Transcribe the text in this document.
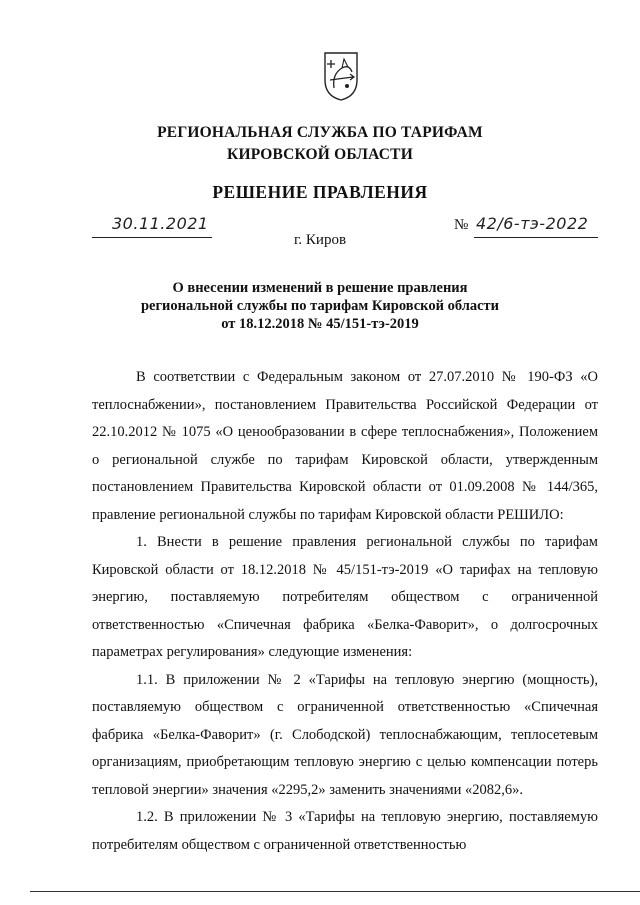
РЕГИОНАЛЬНАЯ СЛУЖБА ПО ТАРИФАМ
КИРОВСКОЙ ОБЛАСТИ
РЕШЕНИЕ ПРАВЛЕНИЯ
30.11.2021	№ 42/6-тэ-2022
г. Киров
О внесении изменений в решение правления
региональной службы по тарифам Кировской области
от 18.12.2018 № 45/151-тэ-2019

В соответствии с Федеральным законом от 27.07.2010 № 190-ФЗ «О теплоснабжении», постановлением Правительства Российской Федерации от 22.10.2012 № 1075 «О ценообразовании в сфере теплоснабжения», Положением о региональной службе по тарифам Кировской области, утвержденным постановлением Правительства Кировской области от 01.09.2008 № 144/365, правление региональной службы по тарифам Кировской области РЕШИЛО:

1. Внести в решение правления региональной службы по тарифам Кировской области от 18.12.2018 № 45/151-тэ-2019 «О тарифах на тепловую энергию, поставляемую потребителям обществом с ограниченной ответственностью «Спичечная фабрика «Белка-Фаворит», о долгосрочных параметрах регулирования» следующие изменения:

1.1. В приложении № 2 «Тарифы на тепловую энергию (мощность), поставляемую обществом с ограниченной ответственностью «Спичечная фабрика «Белка-Фаворит» (г. Слободской) теплоснабжающим, теплосетевым организациям, приобретающим тепловую энергию с целью компенсации потерь тепловой энергии» значения «2295,2» заменить значениями «2082,6».

1.2. В приложении № 3 «Тарифы на тепловую энергию, поставляемую потребителям обществом с ограниченной ответственностью
